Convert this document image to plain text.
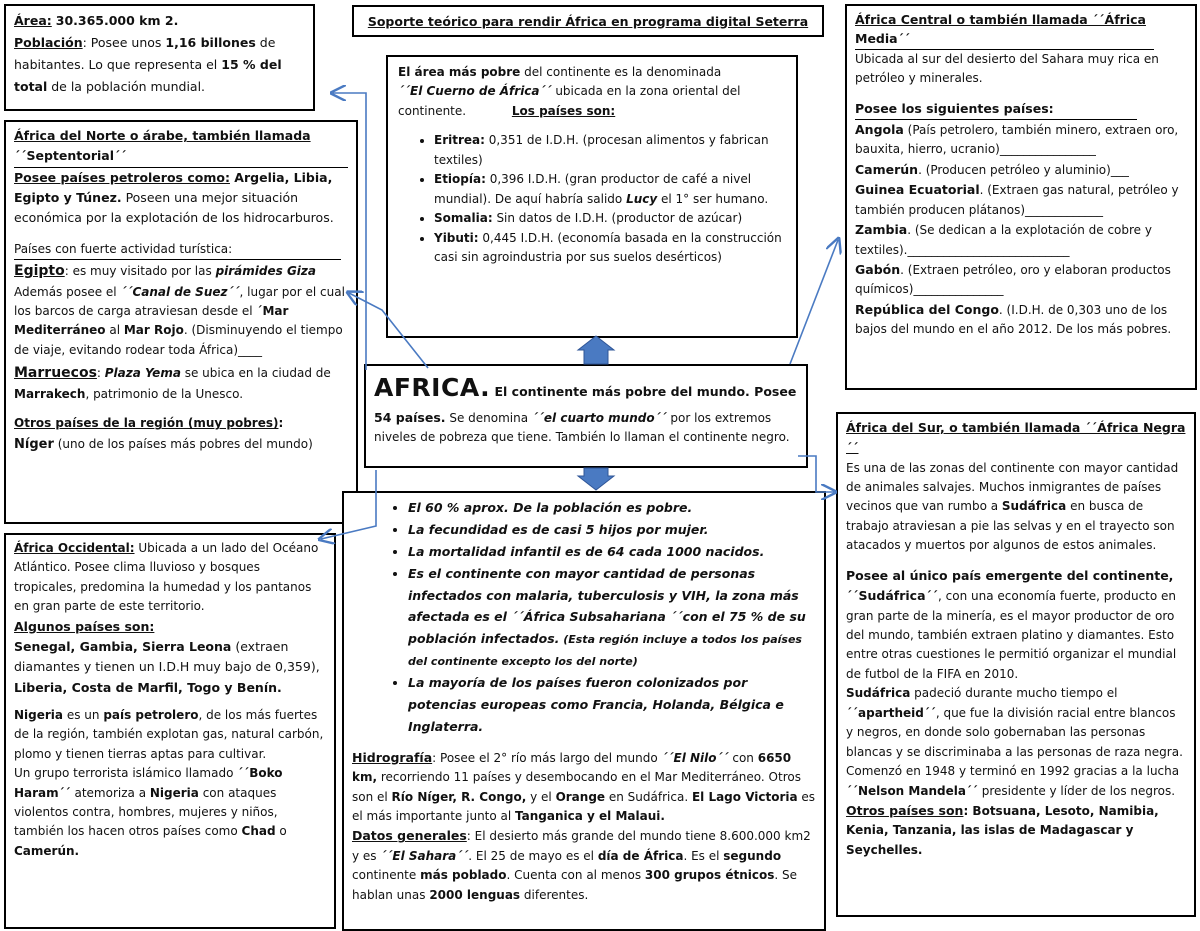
Área: 30.365.000 km 2.
Población: Posee unos 1,16 billones de habitantes. Lo que representa el 15 % del total de la población mundial.
Soporte teórico para rendir África en programa digital Seterra
África del Norte o árabe, también llamada
´´Septentorial´´
Posee países petroleros como: Argelia, Libia, Egipto y Túnez. Poseen una mejor situación económica por la explotación de los hidrocarburos.
Países con fuerte actividad turística:
Egipto: es muy visitado por las pirámides Giza Además posee el ´´Canal de Suez´´, lugar por el cual los barcos de carga atraviesan desde el ´Mar Mediterráneo al Mar Rojo. (Disminuyendo el tiempo de viaje, evitando rodear toda África)____
Marruecos: Plaza Yema se ubica en la ciudad de Marrakech, patrimonio de la Unesco.
Otros países de la región (muy pobres):
Níger (uno de los países más pobres del mundo)
África Occidental: Ubicada a un lado del Océano Atlántico. Posee clima lluvioso y bosques tropicales, predomina la humedad y los pantanos en gran parte de este territorio.
Algunos países son:
Senegal, Gambia, Sierra Leona (extraen diamantes y tienen un I.D.H muy bajo de 0,359),
Liberia, Costa de Marfil, Togo y Benín.
Nigeria es un país petrolero, de los más fuertes de la región, también explotan gas, natural carbón, plomo y tienen tierras aptas para cultivar.
Un grupo terrorista islámico llamado ´´Boko Haram´´ atemoriza a Nigeria con ataques violentos contra, hombres, mujeres y niños, también los hacen otros países como Chad o Camerún.
El área más pobre del continente es la denominada
´´El Cuerno de África´´ ubicada en la zona oriental del continente.	Los países son:
• Eritrea: 0,351 de I.D.H. (procesan alimentos y fabrican textiles)
• Etiopía: 0,396 I.D.H. (gran productor de café a nivel mundial). De aquí habría salido Lucy el 1° ser humano.
• Somalia: Sin datos de I.D.H. (productor de azúcar)
• Yibuti: 0,445 I.D.H. (economía basada en la construcción casi sin agroindustria por sus suelos desérticos)
AFRICA. El continente más pobre del mundo. Posee 54 países. Se denomina ´´el cuarto mundo´´ por los extremos niveles de pobreza que tiene. También lo llaman el continente negro.
• El 60 % aprox. De la población es pobre.
• La fecundidad es de casi 5 hijos por mujer.
• La mortalidad infantil es de 64 cada 1000 nacidos.
• Es el continente con mayor cantidad de personas infectados con malaria, tuberculosis y VIH, la zona más afectada es el ´´África Subsahariana ´´con el 75 % de su población infectados. (Esta región incluye a todos los países del continente excepto los del norte)
• La mayoría de los países fueron colonizados por potencias europeas como Francia, Holanda, Bélgica e Inglaterra.
Hidrografía: Posee el 2° río más largo del mundo ´´El Nilo´´ con 6650 km, recorriendo 11 países y desembocando en el Mar Mediterráneo. Otros son el Río Níger, R. Congo, y el Orange en Sudáfrica. El Lago Victoria es el más importante junto al Tanganica y el Malaui.
Datos generales: El desierto más grande del mundo tiene 8.600.000 km2 y es ´´El Sahara´´. El 25 de mayo es el día de África. Es el segundo continente más poblado. Cuenta con al menos 300 grupos étnicos. Se hablan unas 2000 lenguas diferentes.
África Central o también llamada ´´África
Media´´
Ubicada al sur del desierto del Sahara muy rica en petróleo y minerales.
Posee los siguientes países:
Angola (País petrolero, también minero, extraen oro, bauxita, hierro, ucranio)________________
Camerún. (Producen petróleo y aluminio)___
Guinea Ecuatorial. (Extraen gas natural, petróleo y también producen plátanos)_____________
Zambia. (Se dedican a la explotación de cobre y textiles).___________________________
Gabón. (Extraen petróleo, oro y elaboran productos químicos)_______________
República del Congo. (I.D.H. de 0,303 uno de los bajos del mundo en el año 2012. De los más pobres.
África del Sur, o también llamada ´´África Negra´´
Es una de las zonas del continente con mayor cantidad de animales salvajes. Muchos inmigrantes de países vecinos que van rumbo a Sudáfrica en busca de trabajo atraviesan a pie las selvas y en el trayecto son atacados y muertos por algunos de estos animales.
Posee al único país emergente del continente, ´´Sudáfrica´´, con una economía fuerte, producto en gran parte de la minería, es el mayor productor de oro del mundo, también extraen platino y diamantes. Esto entre otras cuestiones le permitió organizar el mundial de futbol de la FIFA en 2010.
Sudáfrica padeció durante mucho tiempo el ´´apartheid´´, que fue la división racial entre blancos y negros, en donde solo gobernaban las personas blancas y se discriminaba a las personas de raza negra. Comenzó en 1948 y terminó en 1992 gracias a la lucha ´´Nelson Mandela´´ presidente y líder de los negros.
Otros países son: Botsuana, Lesoto, Namibia, Kenia, Tanzania, las islas de Madagascar y Seychelles.
